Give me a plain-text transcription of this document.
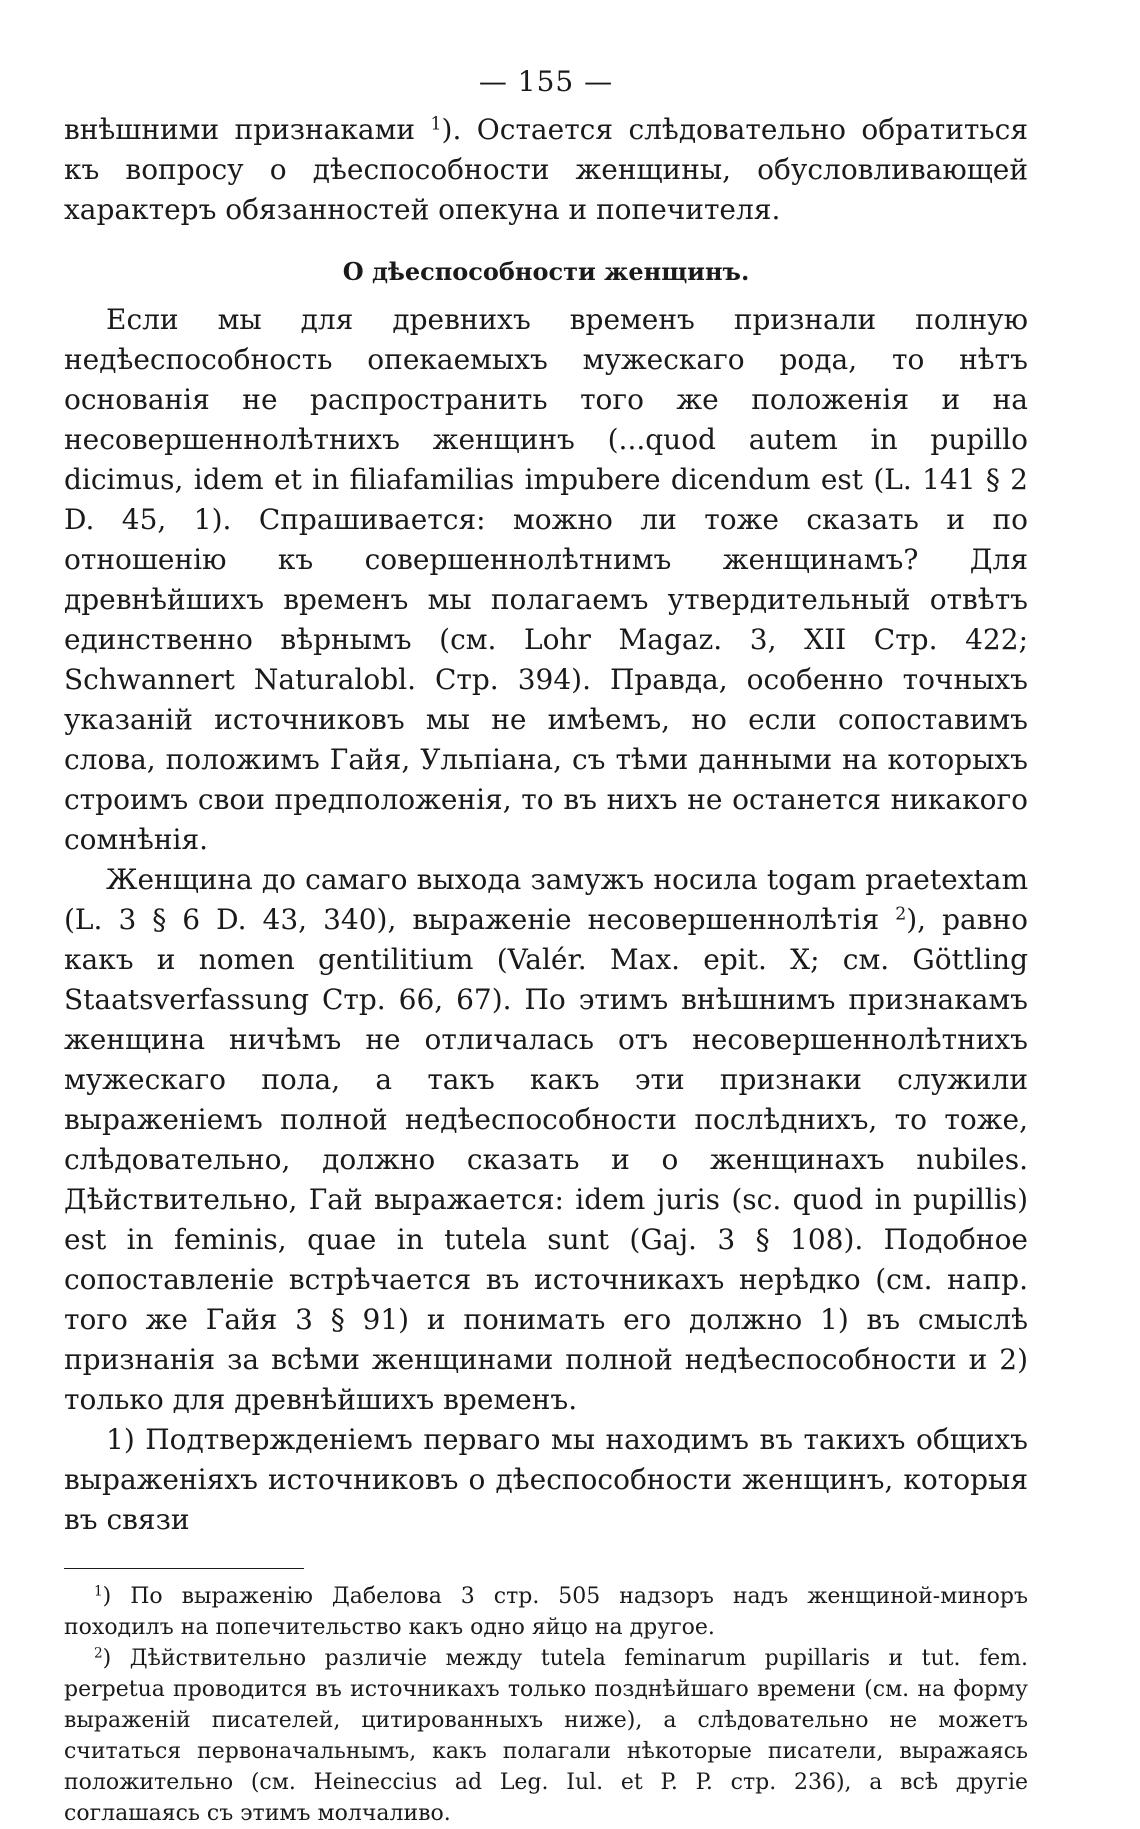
— 155 —

внѣшними признаками $^1$). Остается слѣдовательно обратиться къ вопросу о дѣеспособности женщины, обусловливающей характеръ обязанностей опекуна и попечителя.

О дѣеспособности женщинъ.

Если мы для древнихъ временъ признали полную недѣеспособность опекаемыхъ мужескаго рода, то нѣтъ основанія не распространить того же положенія и на несовершеннолѣтнихъ женщинъ (...quod autem in pupillo dicimus, idem et in filiafamilias impubere dicendum est (L. 141 § 2 D. 45, 1). Спрашивается: можно ли тоже сказать и по отношенію къ совершеннолѣтнимъ женщинамъ? Для древнѣйшихъ временъ мы полагаемъ утвердительный отвѣтъ единственно вѣрнымъ (см. Lohr Magaz. 3, XII Стр. 422; Schwannert Naturalobl. Стр. 394). Правда, особенно точныхъ указаній источниковъ мы не имѣемъ, но если сопоставимъ слова, положимъ Гайя, Ульпіана, съ тѣми данными на которыхъ строимъ свои предположенія, то въ нихъ не останется никакого сомнѣнія.

Женщина до самаго выхода замужъ носила togam praetextam (L. 3 § 6 D. 43, 340), выраженіе несовершеннолѣтія $^2$), равно какъ и nomen gentilitium (Valér. Max. epit. X; см. Göttling Staatsverfassung Стр. 66, 67). По этимъ внѣшнимъ признакамъ женщина ничѣмъ не отличалась отъ несовершеннолѣтнихъ мужескаго пола, а такъ какъ эти признаки служили выраженіемъ полной недѣеспособности послѣднихъ, то тоже, слѣдовательно, должно сказать и о женщинахъ nubiles. Дѣйствительно, Гай выражается: idem juris (sc. quod in pupillis) est in feminis, quae in tutela sunt (Gaj. 3 § 108). Подобное сопоставленіе встрѣчается въ источникахъ нерѣдко (см. напр. того же Гайя 3 § 91) и понимать его должно 1) въ смыслѣ признанія за всѣми женщинами полной недѣеспособности и 2) только для древнѣйшихъ временъ.

1) Подтвержденіемъ перваго мы находимъ въ такихъ общихъ выраженіяхъ источниковъ о дѣеспособности женщинъ, которыя въ связи

$^1$) По выраженію Дабелова 3 стр. 505 надзоръ надъ женщиной-миноръ походилъ на попечительство какъ одно яйцо на другое.

$^2$) Дѣйствительно различіе между tutela feminarum pupillaris и tut. fem. perpetua проводится въ источникахъ только позднѣйшаго времени (см. на форму выраженій писателей, цитированныхъ ниже), а слѣдовательно не можетъ считаться первоначальнымъ, какъ полагали нѣкоторые писатели, выражаясь положительно (см. Heineccius ad Leg. Iul. et P. P. стр. 236), а всѣ другіе соглашаясь съ этимъ молчаливо.
